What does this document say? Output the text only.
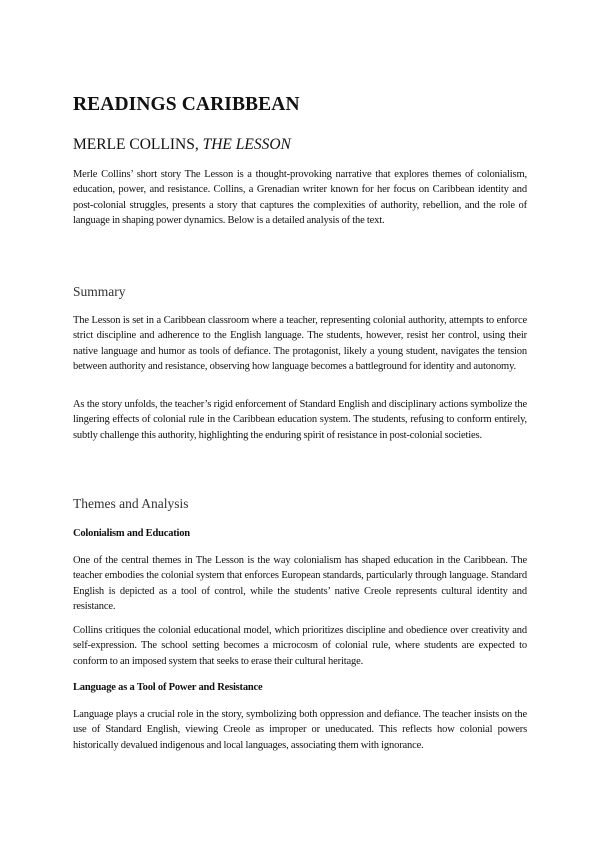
READINGS CARIBBEAN
MERLE COLLINS, THE LESSON

Merle Collins’ short story The Lesson is a thought-provoking narrative that explores themes of colonialism, education, power, and resistance. Collins, a Grenadian writer known for her focus on Caribbean identity and post-colonial struggles, presents a story that captures the complexities of authority, rebellion, and the role of language in shaping power dynamics. Below is a detailed analysis of the text.

Summary

The Lesson is set in a Caribbean classroom where a teacher, representing colonial authority, attempts to enforce strict discipline and adherence to the English language. The students, however, resist her control, using their native language and humor as tools of defiance. The protagonist, likely a young student, navigates the tension between authority and resistance, observing how language becomes a battleground for identity and autonomy.

As the story unfolds, the teacher’s rigid enforcement of Standard English and disciplinary actions symbolize the lingering effects of colonial rule in the Caribbean education system. The students, refusing to conform entirely, subtly challenge this authority, highlighting the enduring spirit of resistance in post-colonial societies.

Themes and Analysis
Colonialism and Education

One of the central themes in The Lesson is the way colonialism has shaped education in the Caribbean. The teacher embodies the colonial system that enforces European standards, particularly through language. Standard English is depicted as a tool of control, while the students’ native Creole represents cultural identity and resistance.

Collins critiques the colonial educational model, which prioritizes discipline and obedience over creativity and self-expression. The school setting becomes a microcosm of colonial rule, where students are expected to conform to an imposed system that seeks to erase their cultural heritage.

Language as a Tool of Power and Resistance

Language plays a crucial role in the story, symbolizing both oppression and defiance. The teacher insists on the use of Standard English, viewing Creole as improper or uneducated. This reflects how colonial powers historically devalued indigenous and local languages, associating them with ignorance.
